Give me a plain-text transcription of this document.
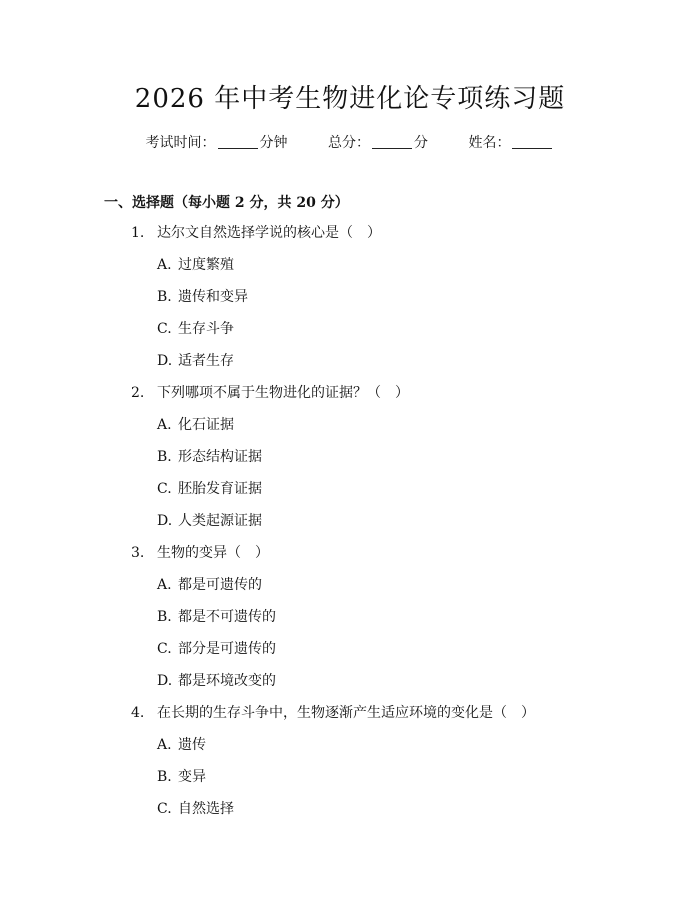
2026 年中考生物进化论专项练习题
考试时间：	分钟	总分：	分	姓名：
一、选择题（每小题 2 分，共 20 分）
1. 达尔文自然选择学说的核心是（　）
A. 过度繁殖
B. 遗传和变异
C. 生存斗争
D. 适者生存
2. 下列哪项不属于生物进化的证据？（　）
A. 化石证据
B. 形态结构证据
C. 胚胎发育证据
D. 人类起源证据
3. 生物的变异（　）
A. 都是可遗传的
B. 都是不可遗传的
C. 部分是可遗传的
D. 都是环境改变的
4. 在长期的生存斗争中，生物逐渐产生适应环境的变化是（　）
A. 遗传
B. 变异
C. 自然选择
